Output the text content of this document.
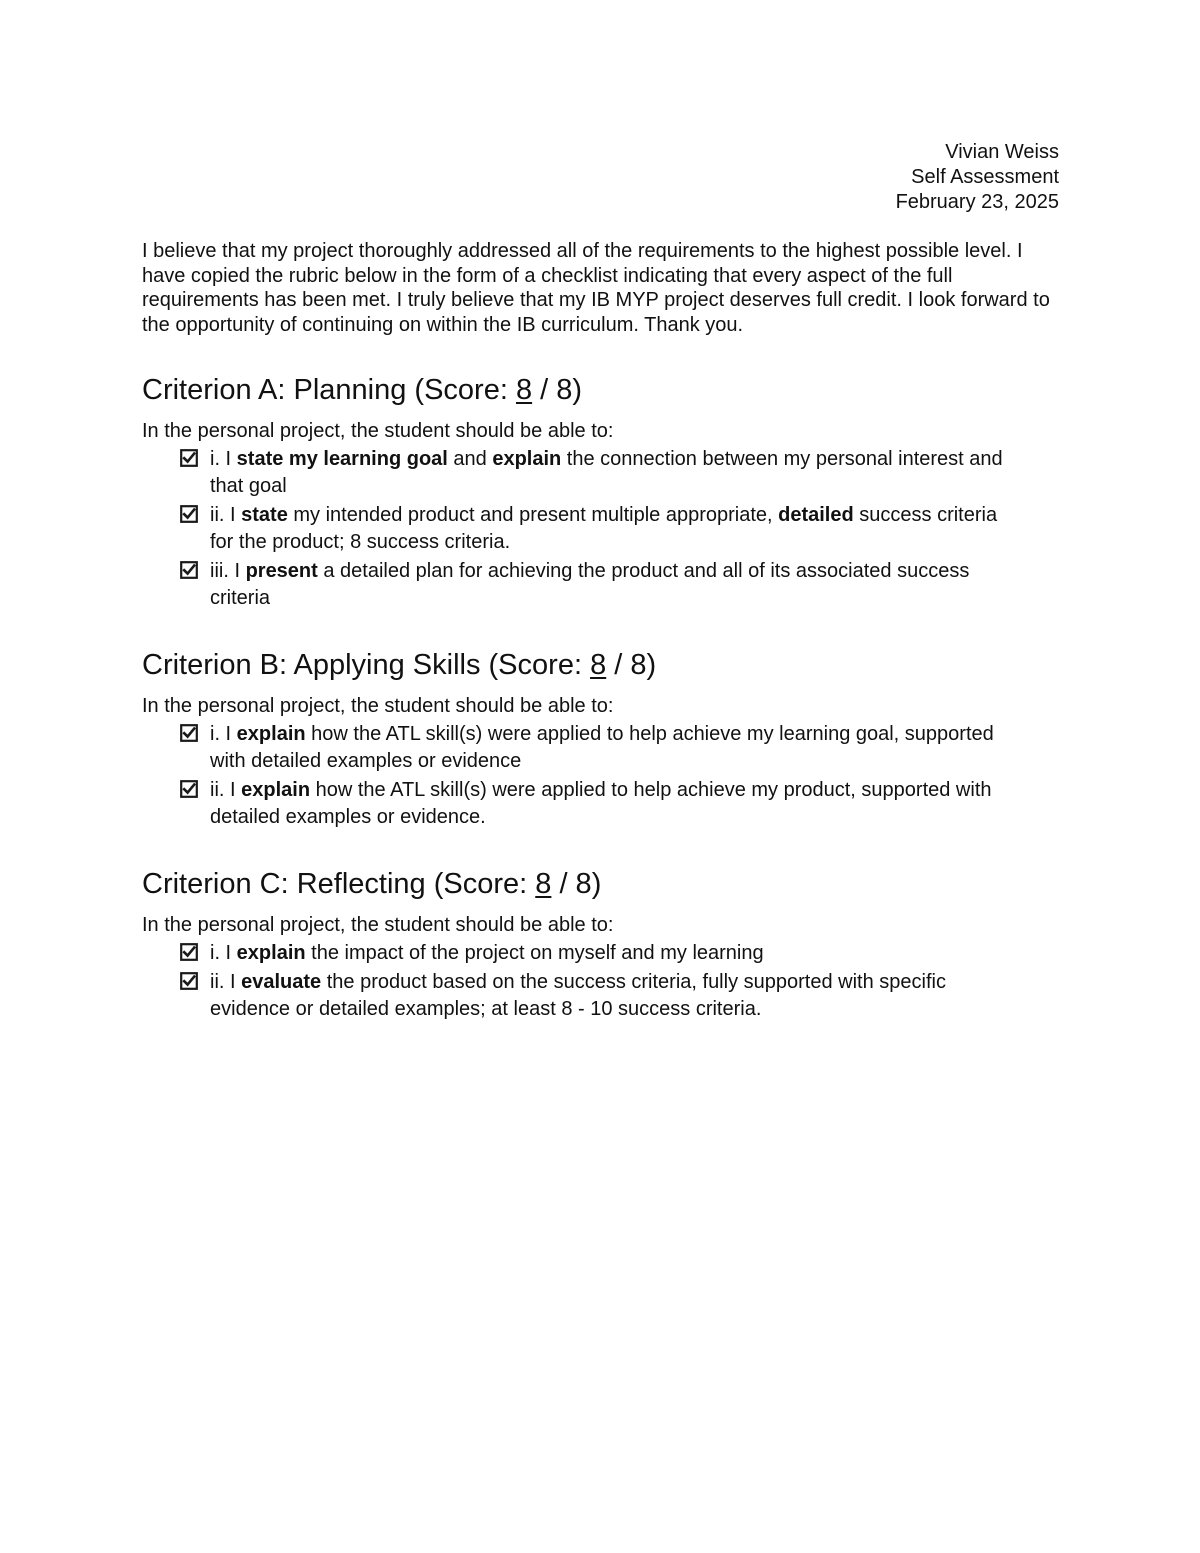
Vivian Weiss
Self Assessment
February 23, 2025

I believe that my project thoroughly addressed all of the requirements to the highest possible level. I have copied the rubric below in the form of a checklist indicating that every aspect of the full requirements has been met. I truly believe that my IB MYP project deserves full credit. I look forward to the opportunity of continuing on within the IB curriculum. Thank you.

Criterion A: Planning (Score: 8 / 8)

In the personal project, the student should be able to:

i. I state my learning goal and explain the connection between my personal interest and that goal
ii. I state my intended product and present multiple appropriate, detailed success criteria for the product; 8 success criteria.
iii. I present a detailed plan for achieving the product and all of its associated success criteria
Criterion B: Applying Skills (Score: 8 / 8)

In the personal project, the student should be able to:

i. I explain how the ATL skill(s) were applied to help achieve my learning goal, supported with detailed examples or evidence
ii. I explain how the ATL skill(s) were applied to help achieve my product, supported with detailed examples or evidence.
Criterion C: Reflecting (Score: 8 / 8)

In the personal project, the student should be able to:

i. I explain the impact of the project on myself and my learning
ii. I evaluate the product based on the success criteria, fully supported with specific evidence or detailed examples; at least 8 - 10 success criteria.
